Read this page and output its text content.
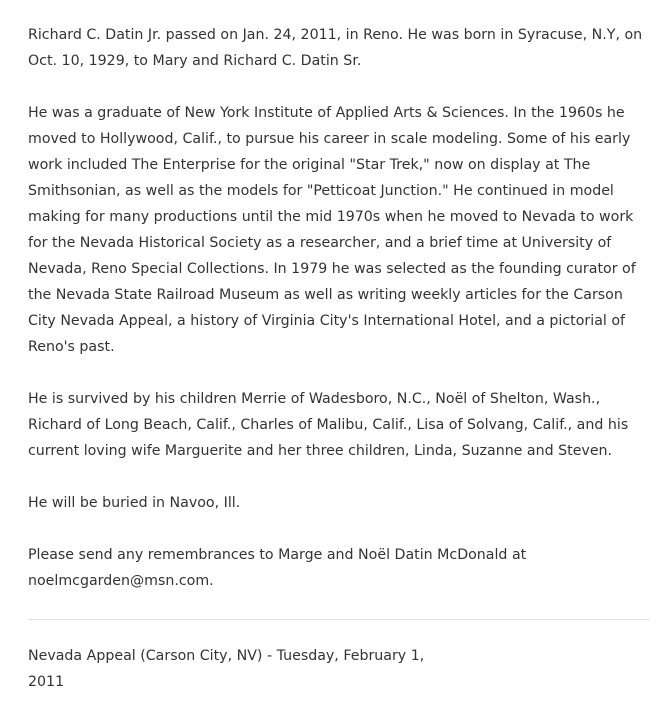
Richard C. Datin Jr. passed on Jan. 24, 2011, in Reno. He was born in Syracuse, N.Y, on Oct. 10, 1929, to Mary and Richard C. Datin Sr.

He was a graduate of New York Institute of Applied Arts & Sciences. In the 1960s he moved to Hollywood, Calif., to pursue his career in scale modeling. Some of his early work included The Enterprise for the original "Star Trek," now on display at The Smithsonian, as well as the models for "Petticoat Junction." He continued in model making for many productions until the mid 1970s when he moved to Nevada to work for the Nevada Historical Society as a researcher, and a brief time at University of Nevada, Reno Special Collections. In 1979 he was selected as the founding curator of the Nevada State Railroad Museum as well as writing weekly articles for the Carson City Nevada Appeal, a history of Virginia City's International Hotel, and a pictorial of Reno's past.

He is survived by his children Merrie of Wadesboro, N.C., Noël of Shelton, Wash., Richard of Long Beach, Calif., Charles of Malibu, Calif., Lisa of Solvang, Calif., and his current loving wife Marguerite and her three children, Linda, Suzanne and Steven.

He will be buried in Navoo, Ill.

Please send any remembrances to Marge and Noël Datin McDonald at noelmcgarden@msn.com.

Nevada Appeal (Carson City, NV) - Tuesday, February 1, 2011
